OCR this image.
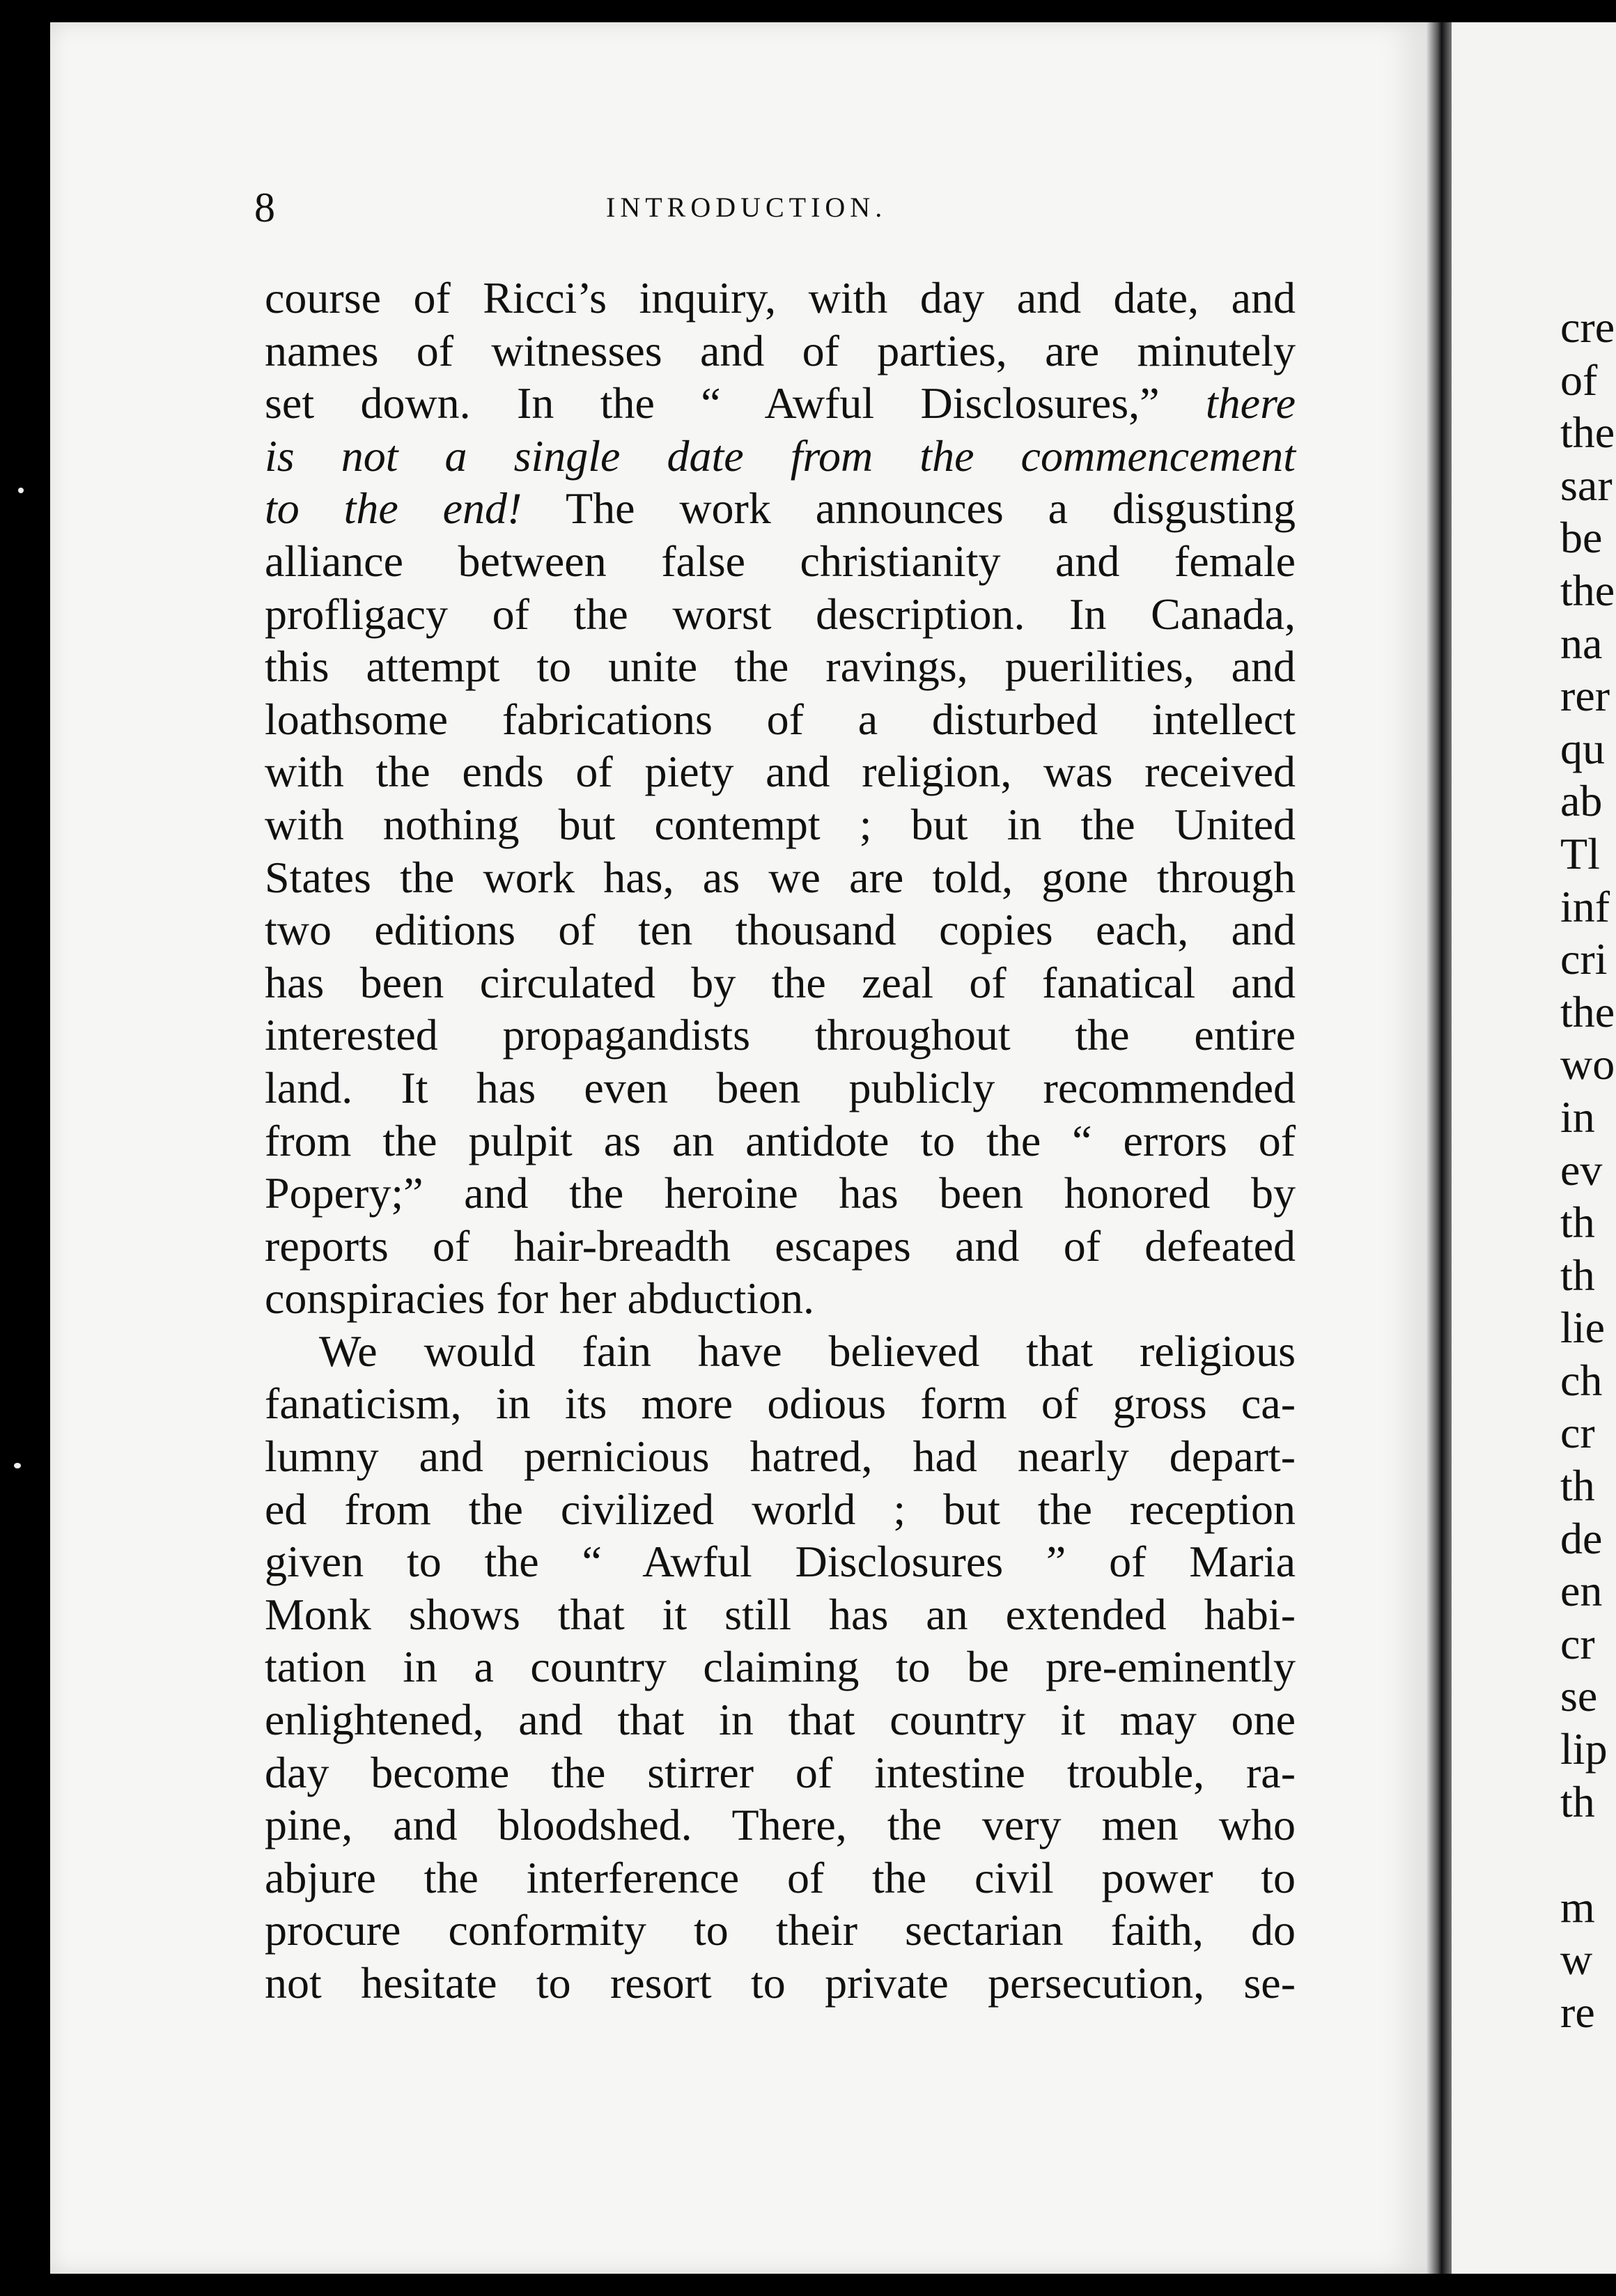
cre
of
the
sar
be
the
na
rer
qu
ab
Tl
inf
cri
the
wo
in
ev
th
th
lie
ch
cr
th
de
en
cr
se
lip
th

m
w
re
8	INTRODUCTION.
course of Ricci’s inquiry, with day and date, and
names of witnesses and of parties, are minutely
set down. In the “ Awful Disclosures,” there
is not a single date from the commencement
to the end! The work announces a disgusting
alliance between false christianity and female
profligacy of the worst description. In Canada,
this attempt to unite the ravings, puerilities, and
loathsome fabrications of a disturbed intellect
with the ends of piety and religion, was received
with nothing but contempt ; but in the United
States the work has, as we are told, gone through
two editions of ten thousand copies each, and
has been circulated by the zeal of fanatical and
interested propagandists throughout the entire
land. It has even been publicly recommended
from the pulpit as an antidote to the “ errors of
Popery;” and the heroine has been honored by
reports of hair-breadth escapes and of defeated
conspiracies for her abduction.
We would fain have believed that religious
fanaticism, in its more odious form of gross ca-
lumny and pernicious hatred, had nearly depart-
ed from the civilized world ; but the reception
given to the “ Awful Disclosures ” of Maria
Monk shows that it still has an extended habi-
tation in a country claiming to be pre-eminently
enlightened, and that in that country it may one
day become the stirrer of intestine trouble, ra-
pine, and bloodshed. There, the very men who
abjure the interference of the civil power to
procure conformity to their sectarian faith, do
not hesitate to resort to private persecution, se-
